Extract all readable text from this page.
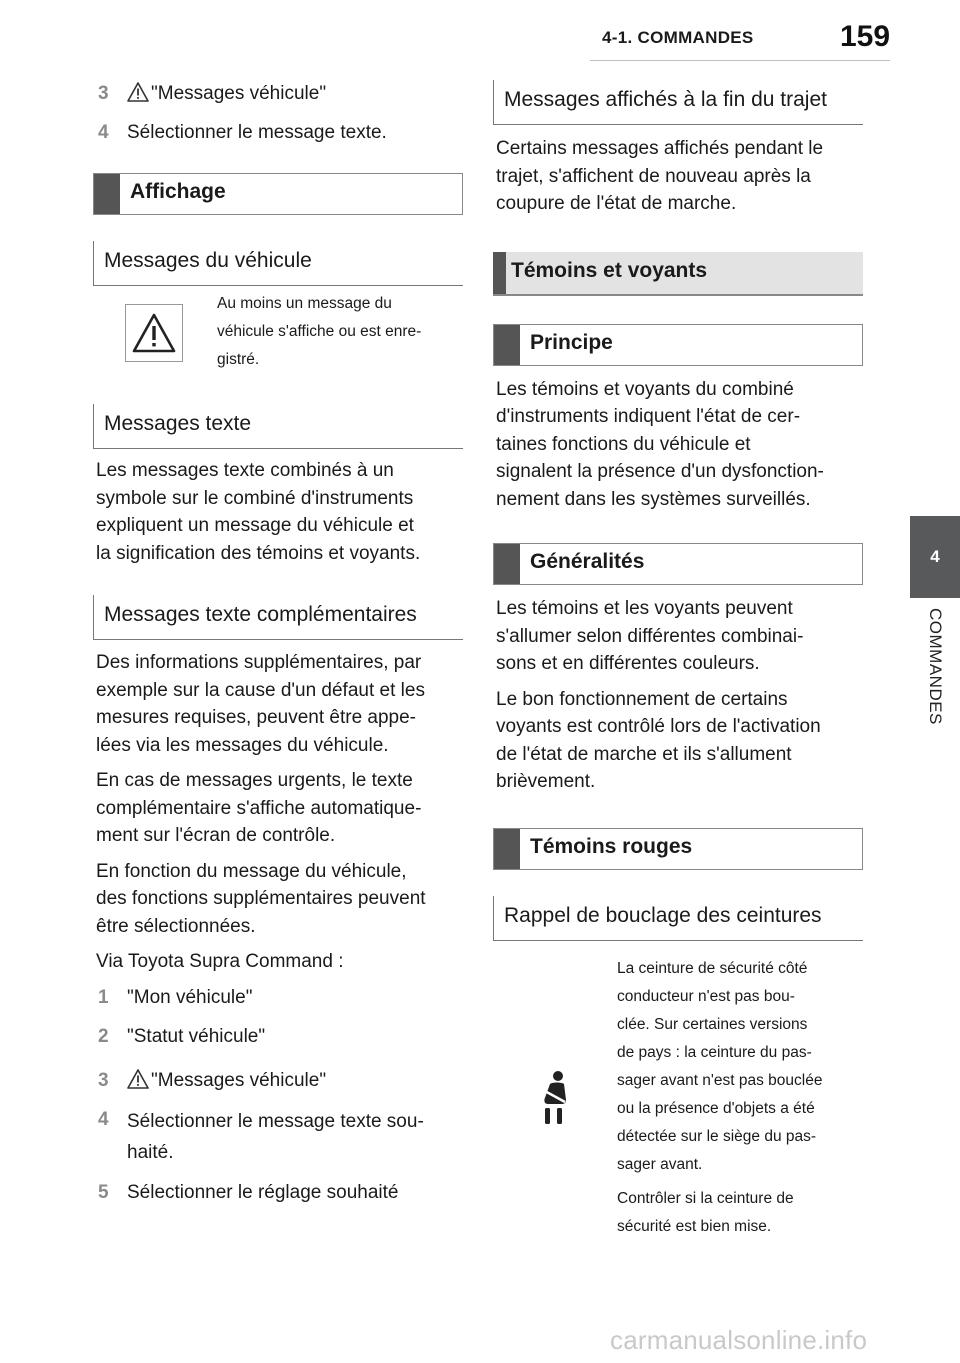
4-1. COMMANDES	159
4
COMMANDES
3	"Messages véhicule"
4 Sélectionner le message texte.
Affichage
Messages du véhicule
Au moins un message du
véhicule s'affiche ou est enre-
gistré.
Messages texte
Les messages texte combinés à un
symbole sur le combiné d'instruments
expliquent un message du véhicule et
la signification des témoins et voyants.
Messages texte complémentaires
Des informations supplémentaires, par
exemple sur la cause d'un défaut et les
mesures requises, peuvent être appe-
lées via les messages du véhicule.
En cas de messages urgents, le texte
complémentaire s'affiche automatique-
ment sur l'écran de contrôle.
En fonction du message du véhicule,
des fonctions supplémentaires peuvent
être sélectionnées.
Via Toyota Supra Command :
1 "Mon véhicule"
2 "Statut véhicule"
3	"Messages véhicule"
4 Sélectionner le message texte sou-
haité.
5 Sélectionner le réglage souhaité
Messages affichés à la fin du trajet
Certains messages affichés pendant le
trajet, s'affichent de nouveau après la
coupure de l'état de marche.
Témoins et voyants
Principe
Les témoins et voyants du combiné
d'instruments indiquent l'état de cer-
taines fonctions du véhicule et
signalent la présence d'un dysfonction-
nement dans les systèmes surveillés.
Généralités
Les témoins et les voyants peuvent
s'allumer selon différentes combinai-
sons et en différentes couleurs.
Le bon fonctionnement de certains
voyants est contrôlé lors de l'activation
de l'état de marche et ils s'allument
brièvement.
Témoins rouges
Rappel de bouclage des ceintures
La ceinture de sécurité côté
conducteur n'est pas bou-
clée. Sur certaines versions
de pays : la ceinture du pas-
sager avant n'est pas bouclée
ou la présence d'objets a été
détectée sur le siège du pas-
sager avant.
Contrôler si la ceinture de
sécurité est bien mise.
carmanualsonline.info
